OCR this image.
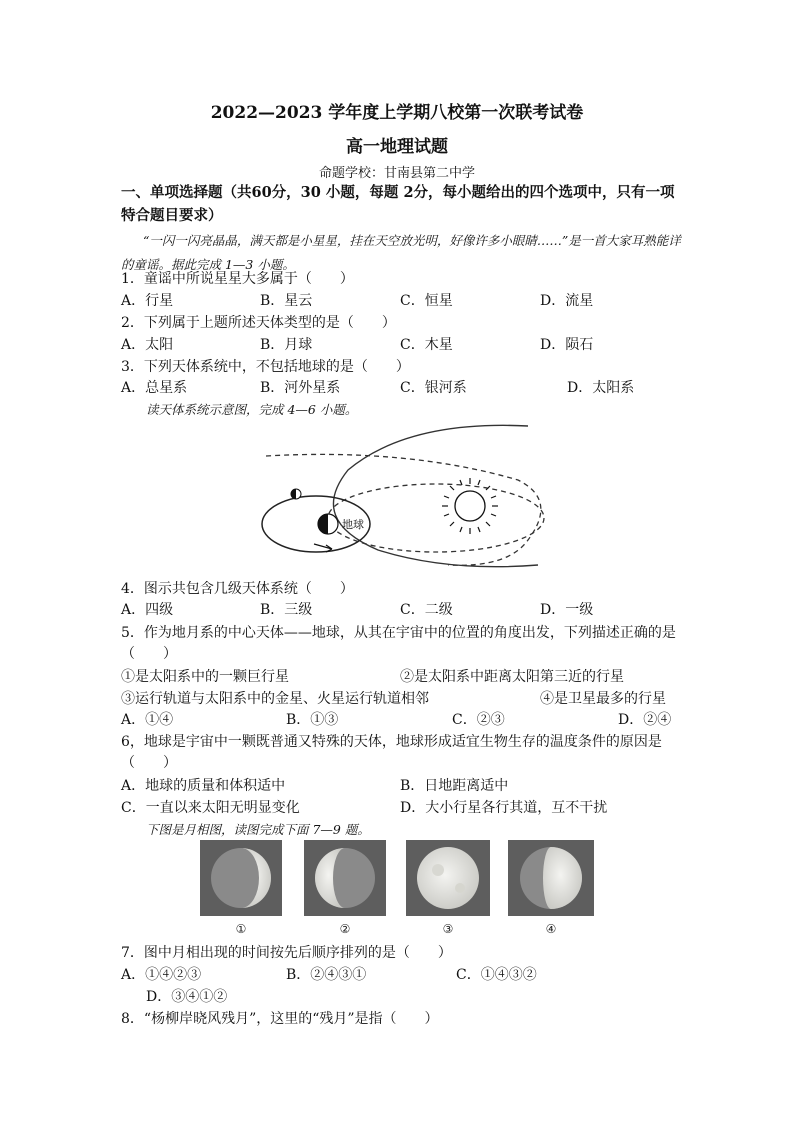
2022—2023 学年度上学期八校第一次联考试卷
高一地理试题
命题学校：甘南县第二中学
一、单项选择题（共60分，30 小题，每题 2分，每小题给出的四个选项中，只有一项特合题目要求）
“一闪一闪亮晶晶，满天都是小星星，挂在天空放光明，好像许多小眼睛……”是一首大家耳熟能详的童谣。据此完成 1—3 小题。
1．童谣中所说星星大多属于（　　）
A．行星	B．星云	C．恒星	D．流星
2．下列属于上题所述天体类型的是（　　）
A．太阳	B．月球	C．木星	D．陨石
3．下列天体系统中，不包括地球的是（　　）
A．总星系	B．河外星系	C．银河系	D．太阳系
读天体系统示意图，完成 4—6 小题。
地球
4．图示共包含几级天体系统（　　）
A．四级	B．三级	C．二级	D．一级
5．作为地月系的中心天体——地球，从其在宇宙中的位置的角度出发，下列描述正确的是
（　　）
①是太阳系中的一颗巨行星	②是太阳系中距离太阳第三近的行星
③运行轨道与太阳系中的金星、火星运行轨道相邻	④是卫星最多的行星
A．①④	B．①③	C．②③	D．②④
6，地球是宇宙中一颗既普通又特殊的天体，地球形成适宜生物生存的温度条件的原因是
（　　）
A．地球的质量和体积适中	B．日地距离适中
C．一直以来太阳无明显变化	D．大小行星各行其道，互不干扰
下图是月相图，读图完成下面 7—9 题。
①	②	③	④
7．图中月相出现的时间按先后顺序排列的是（　　）
A．①④②③	B．②④③①	C．①④③②
D．③④①②
8．“杨柳岸晓风残月”，这里的“残月”是指（　　）
